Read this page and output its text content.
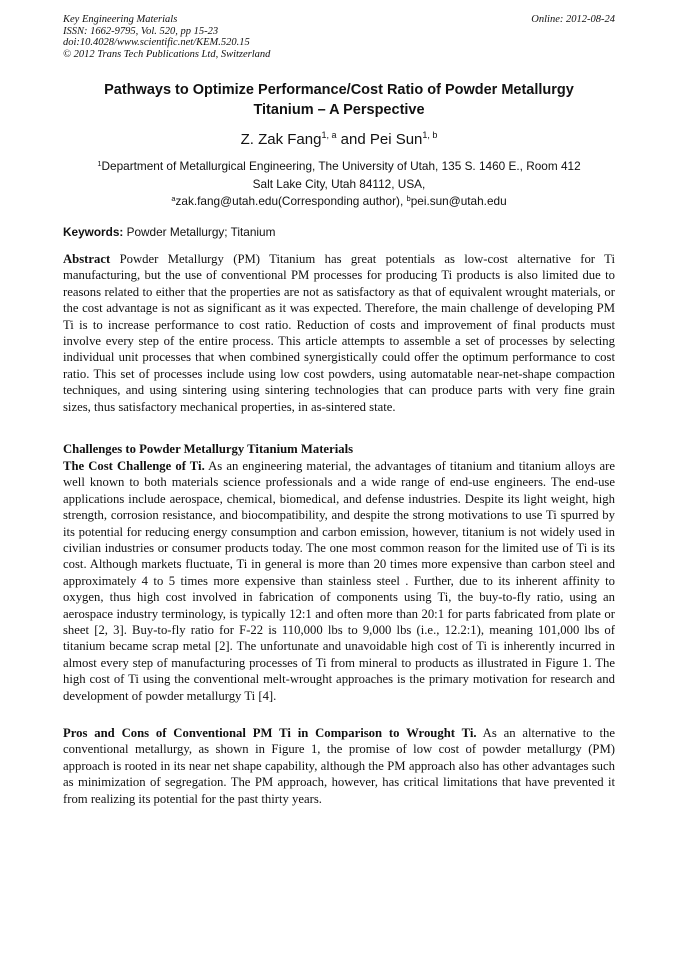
Key Engineering Materials
ISSN: 1662-9795, Vol. 520, pp 15-23
doi:10.4028/www.scientific.net/KEM.520.15
© 2012 Trans Tech Publications Ltd, Switzerland
Online: 2012-08-24
Pathways to Optimize Performance/Cost Ratio of Powder Metallurgy
Titanium – A Perspective
Z. Zak Fang$^{1, a}$ and Pei Sun$^{1, b}$
$^1$Department of Metallurgical Engineering, The University of Utah, 135 S. 1460 E., Room 412
Salt Lake City, Utah 84112, USA,
$^a$zak.fang@utah.edu(Corresponding author), $^b$pei.sun@utah.edu
Keywords: Powder Metallurgy; Titanium

Abstract Powder Metallurgy (PM) Titanium has great potentials as low-cost alternative for Ti manufacturing, but the use of conventional PM processes for producing Ti products is also limited due to reasons related to either that the properties are not as satisfactory as that of equivalent wrought materials, or the cost advantage is not as significant as it was expected. Therefore, the main challenge of developing PM Ti is to increase performance to cost ratio. Reduction of costs and improvement of final products must involve every step of the entire process. This article attempts to assemble a set of processes by selecting individual unit processes that when combined synergistically could offer the optimum performance to cost ratio. This set of processes include using low cost powders, using automatable near-net-shape compaction techniques, and using sintering using sintering technologies that can produce parts with very fine grain sizes, thus satisfactory mechanical properties, in as-sintered state.

Challenges to Powder Metallurgy Titanium Materials

The Cost Challenge of Ti. As an engineering material, the advantages of titanium and titanium alloys are well known to both materials science professionals and a wide range of end-use engineers. The end-use applications include aerospace, chemical, biomedical, and defense industries. Despite its light weight, high strength, corrosion resistance, and biocompatibility, and despite the strong motivations to use Ti spurred by its potential for reducing energy consumption and carbon emission, however, titanium is not widely used in civilian industries or consumer products today. The one most common reason for the limited use of Ti is its cost. Although markets fluctuate, Ti in general is more than 20 times more expensive than carbon steel and approximately 4 to 5 times more expensive than stainless steel . Further, due to its inherent affinity to oxygen, thus high cost involved in fabrication of components using Ti, the buy-to-fly ratio, using an aerospace industry terminology, is typically 12:1 and often more than 20:1 for parts fabricated from plate or sheet [2, 3]. Buy-to-fly ratio for F-22 is 110,000 lbs to 9,000 lbs (i.e., 12.2:1), meaning 101,000 lbs of titanium became scrap metal [2]. The unfortunate and unavoidable high cost of Ti is inherently incurred in almost every step of manufacturing processes of Ti from mineral to products as illustrated in Figure 1. The high cost of Ti using the conventional melt-wrought approaches is the primary motivation for research and development of powder metallurgy Ti [4].

Pros and Cons of Conventional PM Ti in Comparison to Wrought Ti. As an alternative to the conventional metallurgy, as shown in Figure 1, the promise of low cost of powder metallurgy (PM) approach is rooted in its near net shape capability, although the PM approach also has other advantages such as minimization of segregation. The PM approach, however, has critical limitations that have prevented it from realizing its potential for the past thirty years.
